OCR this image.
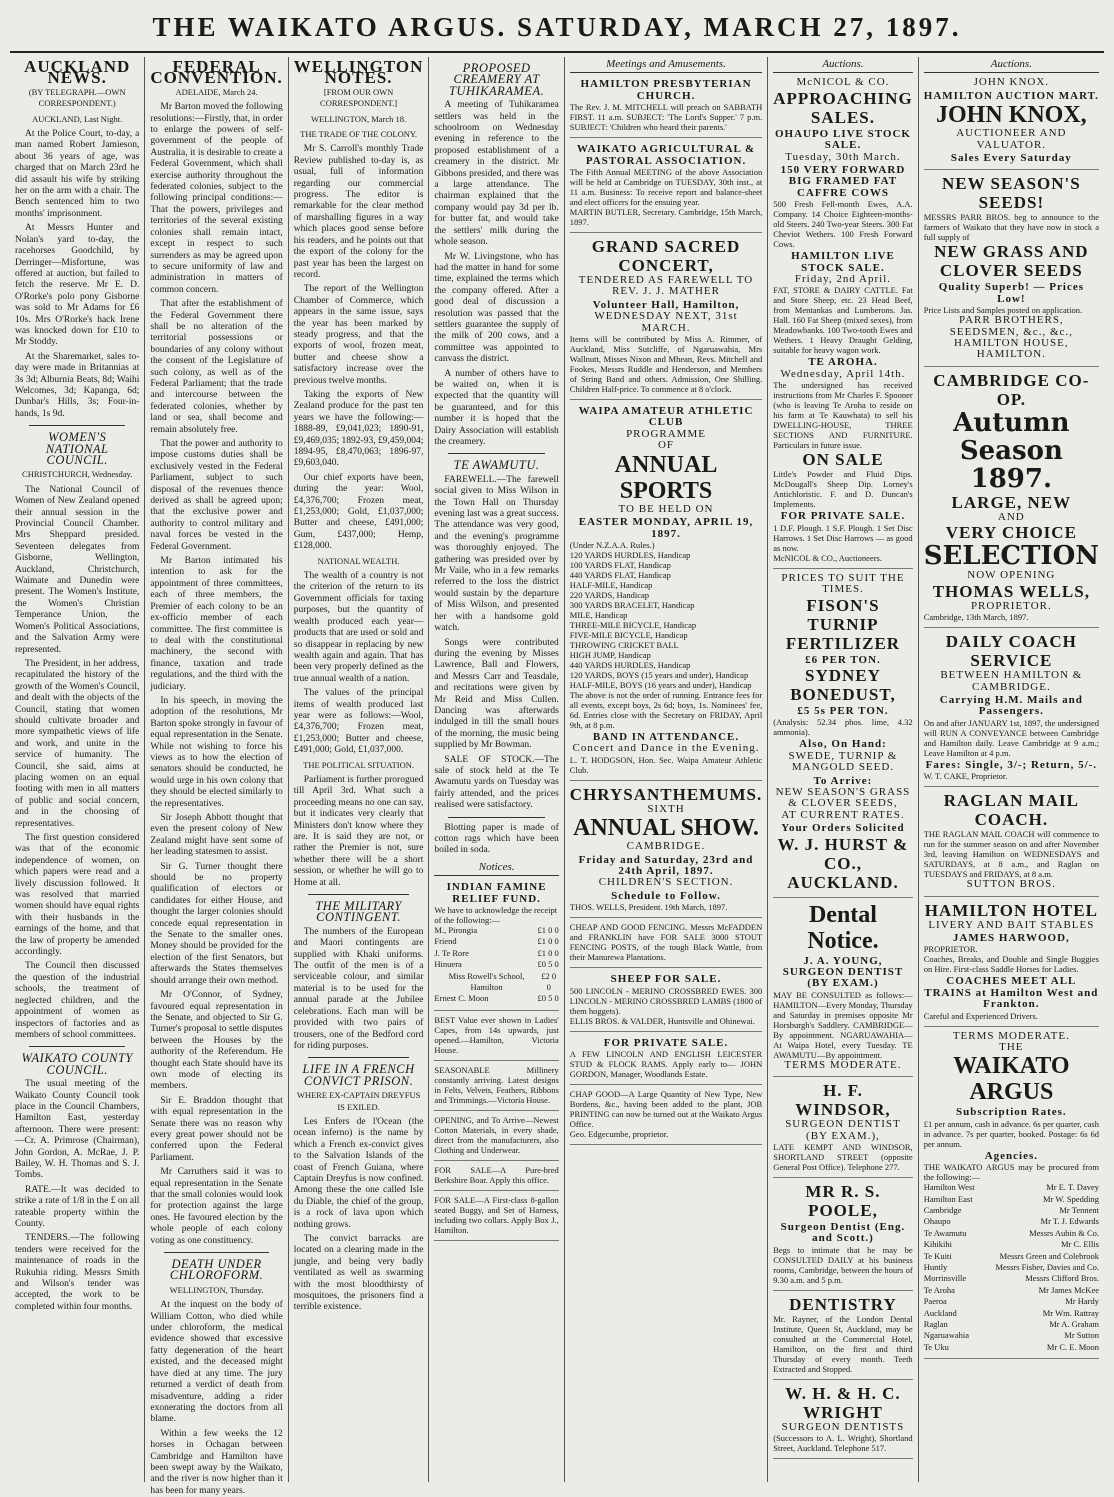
THE WAIKATO ARGUS. SATURDAY, MARCH 27, 1897.
AUCKLAND NEWS.
(BY TELEGRAPH.—OWN CORRESPONDENT.)
AUCKLAND, Last Night.

At the Police Court, to-day, a man named Robert Jamieson, about 36 years of age, was charged that on March 23rd he did assault his wife by striking her on the arm with a chair. The Bench sentenced him to two months' imprisonment.

At Messrs Hunter and Nolan's yard to-day, the racehorses Goodchild, by Derringer—Misfortune, was offered at auction, but failed to fetch the reserve. Mr E. D. O'Rorke's polo pony Gisborne was sold to Mr Adams for £6 10s. Mrs O'Rorke's hack Irene was knocked down for £10 to Mr Stoddy.

At the Sharemarket, sales to-day were made in Britannias at 3s 3d; Alburnia Beats, 8d; Waihi Welcomes, 3d; Kapanga, 6d; Dunbar's Hills, 3s; Four-in-hands, 1s 9d.

WOMEN'S NATIONAL COUNCIL.
CHRISTCHURCH, Wednesday.

The National Council of Women of New Zealand opened their annual session in the Provincial Council Chamber. Mrs Sheppard presided. Seventeen delegates from Gisborne, Wellington, Auckland, Christchurch, Waimate and Dunedin were present. The Women's Institute, the Women's Christian Temperance Union, the Women's Political Associations, and the Salvation Army were represented.

The President, in her address, recapitulated the history of the growth of the Women's Council, and dealt with the objects of the Council, stating that women should cultivate broader and more sympathetic views of life and work, and unite in the service of humanity. The Council, she said, aims at placing women on an equal footing with men in all matters of public and social concern, and in the choosing of representatives.

The first question considered was that of the economic independence of women, on which papers were read and a lively discussion followed. It was resolved that married women should have equal rights with their husbands in the earnings of the home, and that the law of property be amended accordingly.

The Council then discussed the question of the industrial schools, the treatment of neglected children, and the appointment of women as inspectors of factories and as members of school committees.

WAIKATO COUNTY COUNCIL.

The usual meeting of the Waikato County Council took place in the Council Chambers, Hamilton East, yesterday afternoon. There were present:—Cr. A. Primrose (Chairman), John Gordon, A. McRae, J. P. Bailey, W. H. Thomas and S. J. Tombs.

RATE.—It was decided to strike a rate of 1/8 in the £ on all rateable property within the County.

TENDERS.—The following tenders were received for the maintenance of roads in the Rukuhia riding. Messrs Smith and Wilson's tender was accepted, the work to be completed within four months.

FEDERAL CONVENTION.
ADELAIDE, March 24.

Mr Barton moved the following resolutions:—Firstly, that, in order to enlarge the powers of self-government of the people of Australia, it is desirable to create a Federal Government, which shall exercise authority throughout the federated colonies, subject to the following principal conditions:—That the powers, privileges and territories of the several existing colonies shall remain intact, except in respect to such surrenders as may be agreed upon to secure uniformity of law and administration in matters of common concern.

That after the establishment of the Federal Government there shall be no alteration of the territorial possessions or boundaries of any colony without the consent of the Legislature of such colony, as well as of the Federal Parliament; that the trade and intercourse between the federated colonies, whether by land or sea, shall become and remain absolutely free.

That the power and authority to impose customs duties shall be exclusively vested in the Federal Parliament, subject to such disposal of the revenues thence derived as shall be agreed upon; that the exclusive power and authority to control military and naval forces be vested in the Federal Government.

Mr Barton intimated his intention to ask for the appointment of three committees, each of three members, the Premier of each colony to be an ex-officio member of each committee. The first committee is to deal with the constitutional machinery, the second with finance, taxation and trade regulations, and the third with the judiciary.

In his speech, in moving the adoption of the resolutions, Mr Barton spoke strongly in favour of equal representation in the Senate. While not wishing to force his views as to how the election of senators should be conducted, he would urge in his own colony that they should be elected similarly to the representatives.

Sir Joseph Abbott thought that even the present colony of New Zealand might have sent some of her leading statesmen to assist.

Sir G. Turner thought there should be no property qualification of electors or candidates for either House, and thought the larger colonies should concede equal representation in the Senate to the smaller ones. Money should be provided for the election of the first Senators, but afterwards the States themselves should arrange their own method.

Mr O'Connor, of Sydney, favoured equal representation in the Senate, and objected to Sir G. Turner's proposal to settle disputes between the Houses by the authority of the Referendum. He thought each State should have its own mode of electing its members.

Sir E. Braddon thought that with equal representation in the Senate there was no reason why every great power should not be conferred upon the Federal Parliament.

Mr Carruthers said it was to equal representation in the Senate that the small colonies would look for protection against the large ones. He favoured election by the whole people of each colony voting as one constituency.

DEATH UNDER CHLOROFORM.
WELLINGTON, Thursday.

At the inquest on the body of William Cotton, who died while under chloroform, the medical evidence showed that excessive fatty degeneration of the heart existed, and the deceased might have died at any time. The jury returned a verdict of death from misadventure, adding a rider exonerating the doctors from all blame.

Within a few weeks the 12 horses in Ochagan between Cambridge and Hamilton have been swept away by the Waikato, and the river is now higher than it has been for many years.

WELLINGTON NOTES.
[FROM OUR OWN CORRESPONDENT.]
WELLINGTON, March 18.
THE TRADE OF THE COLONY.

Mr S. Carroll's monthly Trade Review published to-day is, as usual, full of information regarding our commercial progress. The editor is remarkable for the clear method of marshalling figures in a way which places good sense before his readers, and he points out that the export of the colony for the past year has been the largest on record.

The report of the Wellington Chamber of Commerce, which appears in the same issue, says the year has been marked by steady progress, and that the exports of wool, frozen meat, butter and cheese show a satisfactory increase over the previous twelve months.

Taking the exports of New Zealand produce for the past ten years we have the following:—1888-89, £9,041,023; 1890-91, £9,469,035; 1892-93, £9,459,004; 1894-95, £8,470,063; 1896-97, £9,603,040.

Our chief exports have been, during the year: Wool, £4,376,700; Frozen meat, £1,253,000; Gold, £1,037,000; Butter and cheese, £491,000; Gum, £437,000; Hemp, £128,000.

NATIONAL WEALTH.

The wealth of a country is not the criterion of the return to its Government officials for taxing purposes, but the quantity of wealth produced each year—products that are used or sold and so disappear in replacing by new wealth again and again. That has been very properly defined as the true annual wealth of a nation.

The values of the principal items of wealth produced last year were as follows:—Wool, £4,376,700; Frozen meat, £1,253,000; Butter and cheese, £491,000; Gold, £1,037,000.

THE POLITICAL SITUATION.

Parliament is further prorogued till April 3rd. What such a proceeding means no one can say, but it indicates very clearly that Ministers don't know where they are. It is said they are not, or rather the Premier is not, sure whether there will be a short session, or whether he will go to Home at all.

THE MILITARY CONTINGENT.

The numbers of the European and Maori contingents are supplied with Khaki uniforms. The outfit of the men is of a serviceable colour, and similar material is to be used for the annual parade at the Jubilee celebrations. Each man will be provided with two pairs of trousers, one of the Bedford cord for riding purposes.

LIFE IN A FRENCH CONVICT PRISON.
WHERE EX-CAPTAIN DREYFUS IS EXILED.

Les Enfers de l'Ocean (the ocean inferno) is the name by which a French ex-convict gives to the Salvation Islands of the coast of French Guiana, where Captain Dreyfus is now confined. Among these the one called Isle du Diable, the chief of the group, is a rock of lava upon which nothing grows.

The convict barracks are located on a clearing made in the jungle, and being very badly ventilated as well as swarming with the most bloodthirsty of mosquitoes, the prisoners find a terrible existence.

PROPOSED CREAMERY AT TUHIKARAMEA.

A meeting of Tuhikaramea settlers was held in the schoolroom on Wednesday evening in reference to the proposed establishment of a creamery in the district. Mr Gibbons presided, and there was a large attendance. The chairman explained that the company would pay 3d per lb. for butter fat, and would take the settlers' milk during the whole season.

Mr W. Livingstone, who has had the matter in hand for some time, explained the terms which the company offered. After a good deal of discussion a resolution was passed that the settlers guarantee the supply of the milk of 200 cows, and a committee was appointed to canvass the district.

A number of others have to be waited on, when it is expected that the quantity will be guaranteed, and for this number it is hoped that the Dairy Association will establish the creamery.

TE AWAMUTU.

FAREWELL.—The farewell social given to Miss Wilson in the Town Hall on Thursday evening last was a great success. The attendance was very good, and the evening's programme was thoroughly enjoyed. The gathering was presided over by Mr Vaile, who in a few remarks referred to the loss the district would sustain by the departure of Miss Wilson, and presented her with a handsome gold watch.

Songs were contributed during the evening by Misses Lawrence, Ball and Flowers, and Messrs Carr and Teasdale, and recitations were given by Mr Reid and Miss Cullen. Dancing was afterwards indulged in till the small hours of the morning, the music being supplied by Mr Bowman.

SALE OF STOCK.—The sale of stock held at the Te Awamutu yards on Tuesday was fairly attended, and the prices realised were satisfactory.

Blotting paper is made of cotton rags which have been boiled in soda.

Notices.
INDIAN FAMINE RELIEF FUND.
We have to acknowledge the receipt of the following:—
M., Pirongia	£1 0 0
Friend	£1 0 0
J. Te Rore	£1 0 0
Hinuera	£0 5 0
Miss Rowell's School, Hamilton
£2 0 0
Ernest C. Moon	£0 5 0
BEST Value ever shown in Ladies' Capes, from 14s upwards, just opened.—Hamilton, Victoria House.
SEASONABLE Millinery constantly arriving. Latest designs in Felts, Velvets, Feathers, Ribbons and Trimmings.—Victoria House.
OPENING, and To Arrive—Newest Cotton Materials, in every shade, direct from the manufacturers, also Clothing and Underwear.
FOR SALE—A Pure-bred Berkshire Boar. Apply this office.
FOR SALE—A First-class 8-gallon seated Buggy, and Set of Harness, including two collars. Apply Box J., Hamilton.
Meetings and Amusements.
HAMILTON PRESBYTERIAN CHURCH.
The Rev. J. M. MITCHELL will preach on SABBATH FIRST. 11 a.m. SUBJECT: 'The Lord's Supper.' 7 p.m. SUBJECT: 'Children who heard their parents.'
WAIKATO AGRICULTURAL & PASTORAL ASSOCIATION.
The Fifth Annual MEETING of the above Association will be held at Cambridge on TUESDAY, 30th inst., at 11 a.m. Business: To receive report and balance-sheet and elect officers for the ensuing year.
MARTIN BUTLER, Secretary. Cambridge, 15th March, 1897.
GRAND SACRED CONCERT,
TENDERED AS FAREWELL TO REV. J. J. MATHER
Volunteer Hall, Hamilton,
WEDNESDAY NEXT, 31st MARCH.
Items will be contributed by Miss A. Rimmer, of Auckland, Miss Sutcliffe, of Ngaruawahia, Mrs Wallnutt, Misses Nixon and Mhean, Revs. Mitchell and Fookes, Messrs Ruddle and Henderson, and Members of String Band and others. Admission, One Shilling. Children Half-price. To commence at 8 o'clock.
WAIPA AMATEUR ATHLETIC CLUB
PROGRAMME
OF
ANNUAL SPORTS
TO BE HELD ON
EASTER MONDAY, APRIL 19, 1897.
(Under N.Z.A.A. Rules.)
120 YARDS HURDLES, Handicap
100 YARDS FLAT, Handicap
440 YARDS FLAT, Handicap
HALF-MILE, Handicap
220 YARDS, Handicap
300 YARDS BRACELET, Handicap
MILE, Handicap
THREE-MILE BICYCLE, Handicap
FIVE-MILE BICYCLE, Handicap
THROWING CRICKET BALL
HIGH JUMP, Handicap
440 YARDS HURDLES, Handicap
120 YARDS, BOYS (15 years and under), Handicap
HALF-MILE, BOYS (16 years and under), Handicap
The above is not the order of running. Entrance fees for all events, except boys, 2s 6d; boys, 1s. Nominees' fee, 6d. Entries close with the Secretary on FRIDAY, April 9th, at 8 p.m.
BAND IN ATTENDANCE.
Concert and Dance in the Evening.
L. T. HODGSON, Hon. Sec. Waipa Amateur Athletic Club.
CHRYSANTHEMUMS.
SIXTH
ANNUAL SHOW.
CAMBRIDGE.
Friday and Saturday, 23rd and 24th April, 1897.
CHILDREN'S SECTION.
Schedule to Follow.
THOS. WELLS, President. 19th March, 1897.
CHEAP AND GOOD FENCING. Messrs McFADDEN and FRANKLIN have FOR SALE 3000 STOUT FENCING POSTS, of the tough Black Wattle, from their Manurewa Plantations.
SHEEP FOR SALE.
500 LINCOLN - MERINO CROSSBRED EWES. 300 LINCOLN - MERINO CROSSBRED LAMBS (1800 of them hoggets).
ELLIS BROS. & VALDER, Huntsville and Ohinewai.
FOR PRIVATE SALE.
A FEW LINCOLN AND ENGLISH LEICESTER STUD & FLOCK RAMS. Apply early to— JOHN GORDON, Manager, Woodlands Estate.
CHAP GOOD—A Large Quantity of New Type, New Bordens, &c., having been added to the plant, JOB PRINTING can now be turned out at the Waikato Argus Office.
Geo. Edgecumbe, proprietor.
Auctions.
McNICOL & CO.
APPROACHING SALES.
OHAUPO LIVE STOCK SALE.
Tuesday, 30th March.
150 VERY FORWARD BIG FRAMED FAT CAFFRE COWS
500 Fresh Fell-month Ewes, A.A. Company. 14 Choice Eighteen-months-old Steers. 240 Two-year Steers. 300 Fat Cheviot Wethers. 100 Fresh Forward Cows.
HAMILTON LIVE STOCK SALE.
Friday, 2nd April.
FAT, STORE & DAIRY CATTLE. Fat and Store Sheep, etc. 23 Head Beef, from Mentankas and Lumberons. Jas. Hall. 160 Fat Sheep (mixed sexes), from Meadowbanks. 100 Two-tooth Ewes and Wethers. 1 Heavy Draught Gelding, suitable for heavy wagon work.
TE AROHA.
Wednesday, April 14th.
The undersigned has received instructions from Mr Charles F. Spooner (who is leaving Te Aroha to reside on his farm at Te Kauwhata) to sell his DWELLING-HOUSE, THREE SECTIONS AND FURNITURE. Particulars in future issue.
ON SALE
Little's Powder and Fluid Dips. McDougall's Sheep Dip. Lorney's Antichloristic. F. and D. Duncan's Implements.
FOR PRIVATE SALE.
1 D.F. Plough. 1 S.F. Plough. 1 Set Disc Harrows. 1 Set Disc Harrows — as good as now.
McNICOL & CO., Auctioneers.
PRICES TO SUIT THE TIMES.
FISON'S
TURNIP FERTILIZER
£6 PER TON.
SYDNEY BONEDUST,
£5 5s PER TON.
(Analysis: 52.34 phos. lime, 4.32 ammonia).
Also, On Hand:
SWEDE, TURNIP & MANGOLD SEED.
To Arrive:
NEW SEASON'S GRASS & CLOVER SEEDS,
AT CURRENT RATES.
Your Orders Solicited
W. J. HURST & CO., AUCKLAND.
Dental Notice.
J. A. YOUNG, SURGEON DENTIST (BY EXAM.)
MAY BE CONSULTED as follows:— HAMILTON—Every Monday, Thursday and Saturday in premises opposite Mr Horsburgh's Saddlery. CAMBRIDGE—By appointment. NGARUAWAHIA—At Waipa Hotel, every Tuesday. TE AWAMUTU—By appointment.
TERMS MODERATE.
H. F. WINDSOR,
SURGEON DENTIST (BY EXAM.),
LATE KEMPT AND WINDSOR, SHORTLAND STREET (opposite General Post Office). Telephone 277.
MR R. S. POOLE,
Surgeon Dentist (Eng. and Scott.)
Begs to intimate that he may be CONSULTED DAILY at his business rooms, Cambridge, between the hours of 9.30 a.m. and 5 p.m.
DENTISTRY
Mr. Rayner, of the London Dental Institute, Queen St, Auckland, may be consulted at the Commercial Hotel, Hamilton, on the first and third Thursday of every month. Teeth Extracted and Stopped.
W. H. & H. C. WRIGHT
SURGEON DENTISTS
(Successors to A. L. Wright), Shortland Street, Auckland. Telephone 517.
Auctions.
JOHN KNOX.
HAMILTON AUCTION MART.
JOHN KNOX,
AUCTIONEER AND VALUATOR.
Sales Every Saturday
NEW SEASON'S SEEDS!
MESSRS PARR BROS. beg to announce to the farmers of Waikato that they have now in stock a full supply of
NEW GRASS AND CLOVER SEEDS
Quality Superb! — Prices Low!
Price Lists and Samples posted on application.
PARR BROTHERS, SEEDSMEN, &c., &c., HAMILTON HOUSE, HAMILTON.
CAMBRIDGE CO-OP.
Autumn Season
1897.
LARGE, NEW
AND
VERY CHOICE
SELECTION
NOW OPENING
THOMAS WELLS,
PROPRIETOR.
Cambridge, 13th March, 1897.
DAILY COACH SERVICE
BETWEEN HAMILTON & CAMBRIDGE.
Carrying H.M. Mails and Passengers.
On and after JANUARY 1st, 1897, the undersigned will RUN A CONVEYANCE between Cambridge and Hamilton daily. Leave Cambridge at 9 a.m.; Leave Hamilton at 4 p.m.
Fares: Single, 3/-; Return, 5/-.
W. T. CAKE, Proprietor.
RAGLAN MAIL COACH.
THE RAGLAN MAIL COACH will commence to run for the summer season on and after November 3rd, leaving Hamilton on WEDNESDAYS and SATURDAYS, at 8 a.m., and Raglan on TUESDAYS and FRIDAYS, at 8 a.m.
SUTTON BROS.
HAMILTON HOTEL
LIVERY AND BAIT STABLES
JAMES HARWOOD,
PROPRIETOR.
Coaches, Breaks, and Double and Single Buggies on Hire. First-class Saddle Horses for Ladies.
COACHES MEET ALL TRAINS at Hamilton West and Frankton.
Careful and Experienced Drivers.
TERMS MODERATE.
THE
WAIKATO ARGUS
Subscription Rates.
£1 per annum, cash in advance. 6s per quarter, cash in advance. 7s per quarter, booked. Postage: 6s 6d per annum.
Agencies.
THE WAIKATO ARGUS may be procured from the following:—
Hamilton West	Mr E. T. Davey
Hamilton East	Mr W. Spedding
Cambridge	Mr Tennent
Ohaupo	Mr T. J. Edwards
Te Awamutu	Messrs Aubin & Co.
Kihikihi	Mr C. Ellis
Te Kuiti	Messrs Green and Colebrook
Huntly	Messrs Fisher, Davies and Co.
Morrinsville	Messrs Clifford Bros.
Te Aroha	Mr James McKee
Paeroa	Mr Hardy
Auckland	Mr Wm. Rattray
Raglan	Mr A. Graham
Ngaruawahia	Mr Sutton
Te Uku	Mr C. E. Moon
